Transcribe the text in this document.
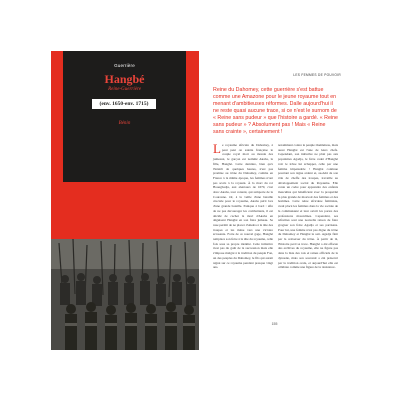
Guerrière
Hangbé
Reine-Guerrière
(env. 1650-env. 1715)
Bénin
LES FEMMES DE POUVOIR
Reine du Dahomey, cette guerrière s'est battue comme une Amazone pour le jeune royaume tout en menant d'ambitieuses réformes. Dalle aujourd'hui il ne reste quasi aucune trace, si ce n'est le surnom de « Reine sans pudeur » que l'histoire a gardé. « Reine sans pudeur » ? Absolument pas ! Mais « Reine sans crainte », certainement !
L e royaume africain du Dahomey, à peut peut on salette française le couple royal mort au monde des jumeaux, le garçon est nommé Akaba, la fille, Hangbé. Cette dernière, bien qu'a l'intérêt de quelques heures, n'est pas promise au trône du Dahomey, comme en France à la même époque, les femmes n'ont pas accès à la royauté. À la mort du roi Houegbadja, aux alentours de 1670, c'est donc Akaba, tout content, qui remporte de la Couronne. Or, à la veille d'une bataille cruciale pour le royaume, Akaba périt lors d'une grande bataille. Panique à bord : afin de ne pas décourager les combattants, il est décidé de cacher la mort d'Akaba en déguisant Hangbé en son frère jumeau. Sa ruse permit de ne placer d'Akaba à la tête des troupes et les mène vers une victoire écrasante. Forte de ce nouvel gage, Hangbé remplace son frère à la tête du royaume, celle fois sous sa propre identité. Cette initiative n'est pas du goût de la succession mais elle s'impose malgré à la tradition du peuple Fon, un des peuples du Dahomey, le fils qui aurait régné sur ce royaume pendant presque vingt ans.
notamment contre le peuple Ouéménou, mais aussi Hangbé est l'une de leurs chefs. Cependant, son initiative ne plait pas aux populaires Agadja, le frère cadet d'Hangbé voit le trône lui échapper, celle par une femme impensable ! Hangbé continue pourtant son règne ardent et, au-delà de son rôle de cheffe des troupes, travaille au développement social du Royaume. Elle conte un cadre pour apprendre des enfants masculins qui bénéficient avec la prospérité la plus grande de mouvoir des femmes et des hommes. Cette reine africaine féministe, avait placé les femmes dans la vie sociale de la communauté et leur ouvrit les portes des professions masculines. Cependant, ses réformes sont une nouvelle raison de faire grogner son frère Agadja et ses partisans. Pour lui, une femme n'est pas digne du trône du Dahomey et Hangbé le sait. Agadja finit par la renverser du trône. À partir de là, l'histoire perd sa trace. Hangbé a été effacée des archives du royaume, elle ne figure pas dans la liste des rois et reines officiels de la dynastie, mais son souvenir a été préservé par la tradition orale, et aujourd'hui elle est célébrée comme une figure de la résistance.
155
